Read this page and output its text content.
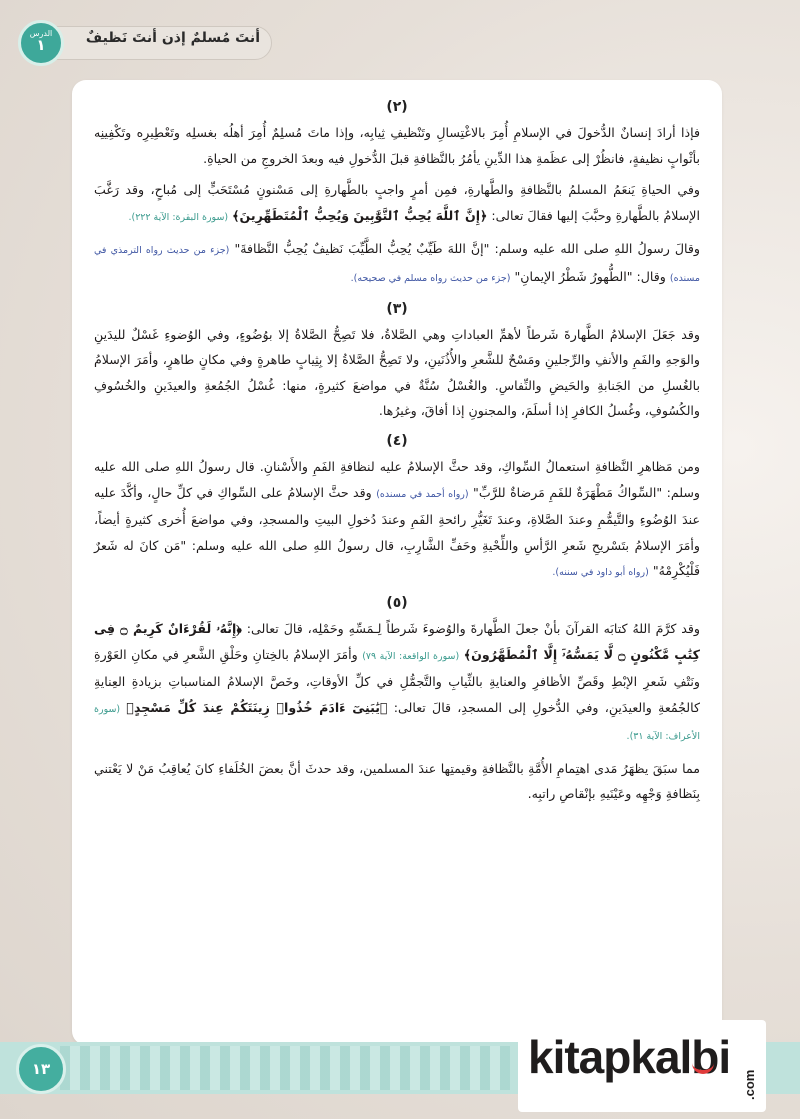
أنتَ مُسلمٌ إذن أنتَ نَظيفٌ
الدرس
١
(٢)

فإذا أرادَ إنسانٌ الدُّخولَ في الإسلامِ أُمِرَ بالاغْتِسالِ وتَنْظيفِ ثِيابِه، وإذا ماتَ مُسلِمٌ أُمِرَ أهلُه بغسلِه وتَعْطِيرِه وتَكْفِينِه بأثْوابٍ نظيفةٍ، فانظُرْ إلى عظَمةِ هذا الدِّينِ يأمُرُ بالنَّظافةِ قبلَ الدُّخولِ فيه وبعدَ الخروجِ من الحياةِ.

وفي الحياةِ يَنعَمُ المسلمُ بالنَّظافةِ والطَّهارةِ، فمِن أمرٍ واجبٍ بالطَّهارةِ إلى مَسْنونٍ مُسْتَحَبٍّ إلى مُباحٍ، وقد رَغَّبَ الإسلامُ بالطَّهارةِ وحبَّبَ إليها فقالَ تعالى: ﴿إِنَّ ٱللَّهَ يُحِبُّ ٱلتَّوَّٰبِينَ وَيُحِبُّ ٱلْمُتَطَهِّرِينَ﴾ (سورة البقرة: الآية ٢٢٢).

وقالَ رسولُ اللهِ صلى الله عليه وسلم: "إنَّ اللهَ طَيِّبٌ يُحِبُّ الطَّيِّبَ نَظيفٌ يُحِبُّ النَّظافةَ" (جزء من حديث رواه الترمذي في مسنده) وقال: "الطُّهورُ شَطْرُ الإيمانِ" (جزء من حديث رواه مسلم في صحيحه).

(٣)

وقد جَعَلَ الإسلامُ الطَّهارةَ شَرطاً لأهمِّ العباداتِ وهي الصَّلاةُ، فلا تَصِحُّ الصَّلاةُ إلا بوُضُوءٍ، وفي الوُضوءِ غَسْلٌ لليدَينِ والوَجهِ والفَمِ والأنفِ والرِّجلينِ ومَسْحٌ للشَّعرِ والأُذُنَينِ، ولا تَصِحُّ الصَّلاةُ إلا بِثِيابٍ طاهرةٍ وفي مكانٍ طاهرٍ، وأمَرَ الإسلامُ بالغُسلِ من الجَنابةِ والحَيضِ والنِّفاسِ. والغُسْلُ سُنَّةٌ في مواضعَ كثيرةٍ، منها: غُسْلُ الجُمُعةِ والعيدَينِ والخُسُوفِ والكُسُوفِ، وغُسلُ الكافرِ إذا أسلَمَ، والمجنونِ إذا أفاقَ، وغيرُها.

(٤)

ومن مَظاهرِ النَّظافةِ استعمالُ السِّواكِ، وقد حثَّ الإسلامُ عليه لنظافةِ الفَمِ والأَسْنانِ. قال رسولُ اللهِ صلى الله عليه وسلم: "السِّواكُ مَطْهَرَةٌ للفَمِ مَرضاةٌ للرَّبِّ" (رواه أحمد في مسنده) وقد حثَّ الإسلامُ على السِّواكِ في كلِّ حالٍ، وأكَّدَ عليه عندَ الوُضُوءِ والتَّيمُّمِ وعندَ الصَّلاةِ، وعندَ تَغَيُّرِ رائحةِ الفَمِ وعندَ دُخولِ البيتِ والمسجدِ، وفي مواضعَ أُخرى كثيرةٍ أيضاً، وأمَرَ الإسلامُ بتَسْريحِ شَعرِ الرَّأسِ واللِّحْيةِ وحَفِّ الشَّارِبِ، قال رسولُ اللهِ صلى الله عليه وسلم: "مَن كانَ له شَعرٌ فَلْيُكْرِمْهُ" (رواه أبو داود في سننه).

(٥)

وقد كرَّمَ اللهُ كتابَه القرآنَ بأنْ جعلَ الطَّهارةَ والوُضوءَ شَرطاً لِـمَسِّهِ وحَمْلِه، قالَ تعالى: ﴿إِنَّهُۥ لَقُرْءَانٌ كَرِيمٌ ۝ فِى كِتَٰبٍ مَّكْنُونٍ ۝ لَّا يَمَسُّهُۥٓ إِلَّا ٱلْمُطَهَّرُونَ﴾ (سورة الواقعة: الآية ٧٩) وأمَرَ الإسلامُ بالخِتانِ وحَلْقِ الشَّعرِ في مكانِ العَوْرةِ ونَتْفِ شَعرِ الإبْطِ وقَصِّ الأظافرِ والعنايةِ بالثِّيابِ والتَّجمُّلِ في كلِّ الأوقاتِ، وخَصَّ الإسلامُ المناسباتِ بزيادةِ العِنايةِ كالجُمُعةِ والعيدَينِ، وفي الدُّخولِ إلى المسجدِ، قالَ تعالى: ﴿يَٰبَنِىٓ ءَادَمَ خُذُوا۟ زِينَتَكُمْ عِندَ كُلِّ مَسْجِدٍ﴾ (سورة الأعراف: الآية ٣١).

مما سبَقَ يظهَرُ مَدى اهتِمامِ الأُمَّةِ بالنَّظافةِ وقيمتِها عندَ المسلمين، وقد حدثَ أنَّ بعضَ الخُلَفاءِ كانَ يُعاقِبُ مَنْ لا يَعْتني بِنَظافةِ وَجْهِه وعَيْنَيهِ بإنْقاصِ راتبِه.

١٣	kitapkalbi
.com
